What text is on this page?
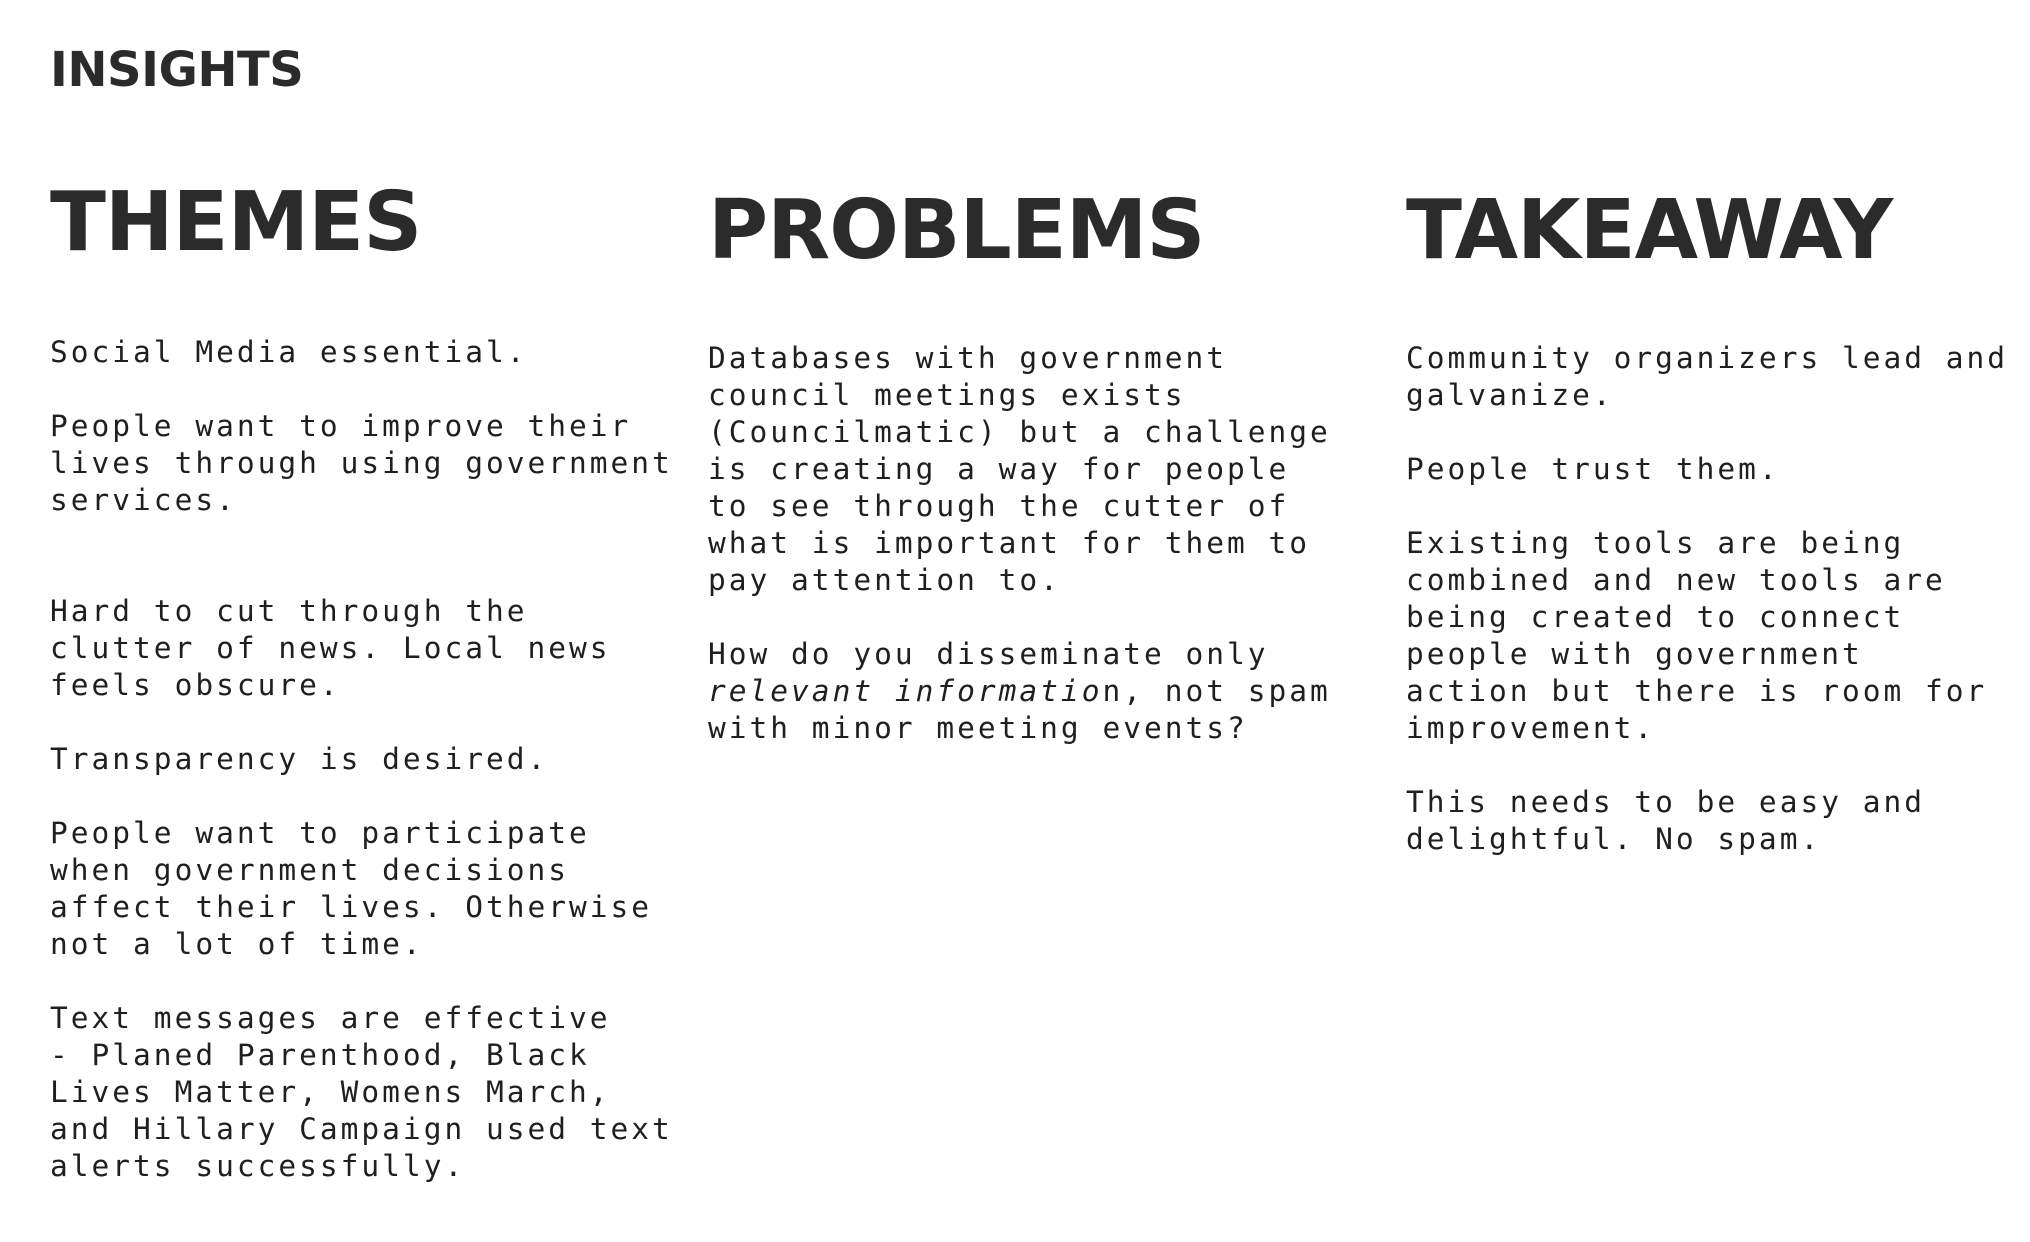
INSIGHTS
THEMES

Social Media essential.

People want to improve their
lives through using government
services.

Hard to cut through the
clutter of news. Local news
feels obscure.

Transparency is desired.

People want to participate
when government decisions
affect their lives. Otherwise
not a lot of time.

Text messages are effective
- Planed Parenthood, Black
Lives Matter, Womens March,
and Hillary Campaign used text
alerts successfully.

PROBLEMS

Databases with government
council meetings exists
(Councilmatic) but a challenge
is creating a way for people
to see through the cutter of
what is important for them to
pay attention to.

How do you disseminate only
relevant information, not spam
with minor meeting events?

TAKEAWAY

Community organizers lead and
galvanize.

People trust them.

Existing tools are being
combined and new tools are
being created to connect
people with government
action but there is room for
improvement.

This needs to be easy and
delightful. No spam.
